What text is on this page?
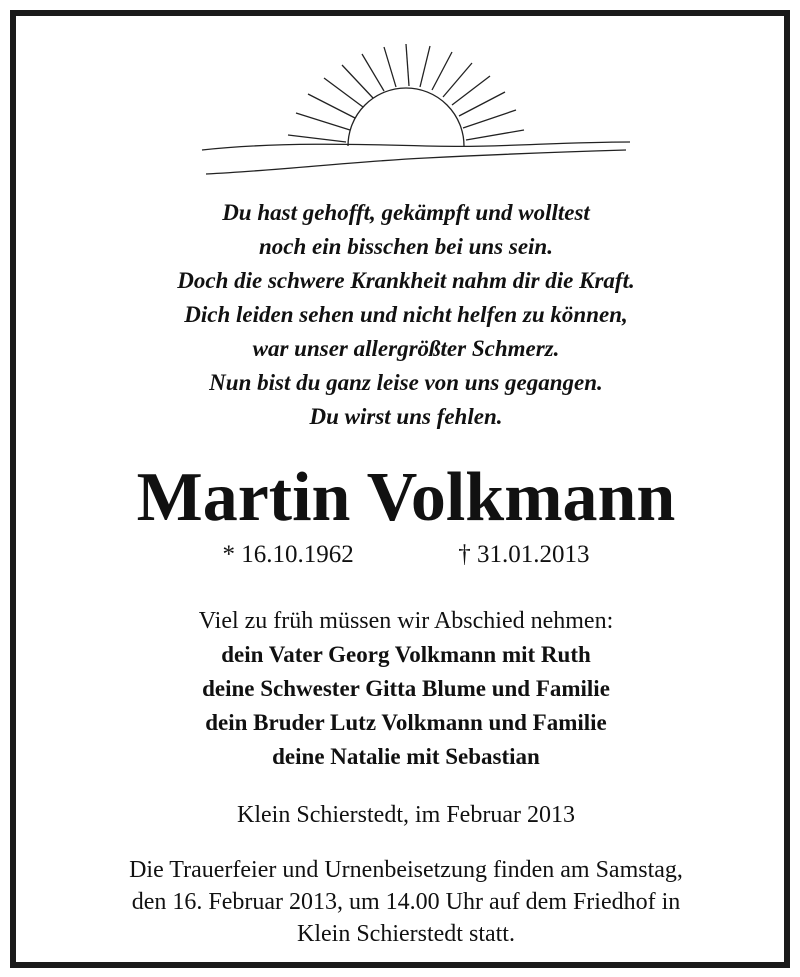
Du hast gehofft, gekämpft und wolltest
noch ein bisschen bei uns sein.
Doch die schwere Krankheit nahm dir die Kraft.
Dich leiden sehen und nicht helfen zu können,
war unser allergrößter Schmerz.
Nun bist du ganz leise von uns gegangen.
Du wirst uns fehlen.
Martin Volkmann
* 16.10.1962	† 31.01.2013
Viel zu früh müssen wir Abschied nehmen:
dein Vater Georg Volkmann mit Ruth
deine Schwester Gitta Blume und Familie
dein Bruder Lutz Volkmann und Familie
deine Natalie mit Sebastian
Klein Schierstedt, im Februar 2013
Die Trauerfeier und Urnenbeisetzung finden am Samstag,
den 16. Februar 2013, um 14.00 Uhr auf dem Friedhof in
Klein Schierstedt statt.
